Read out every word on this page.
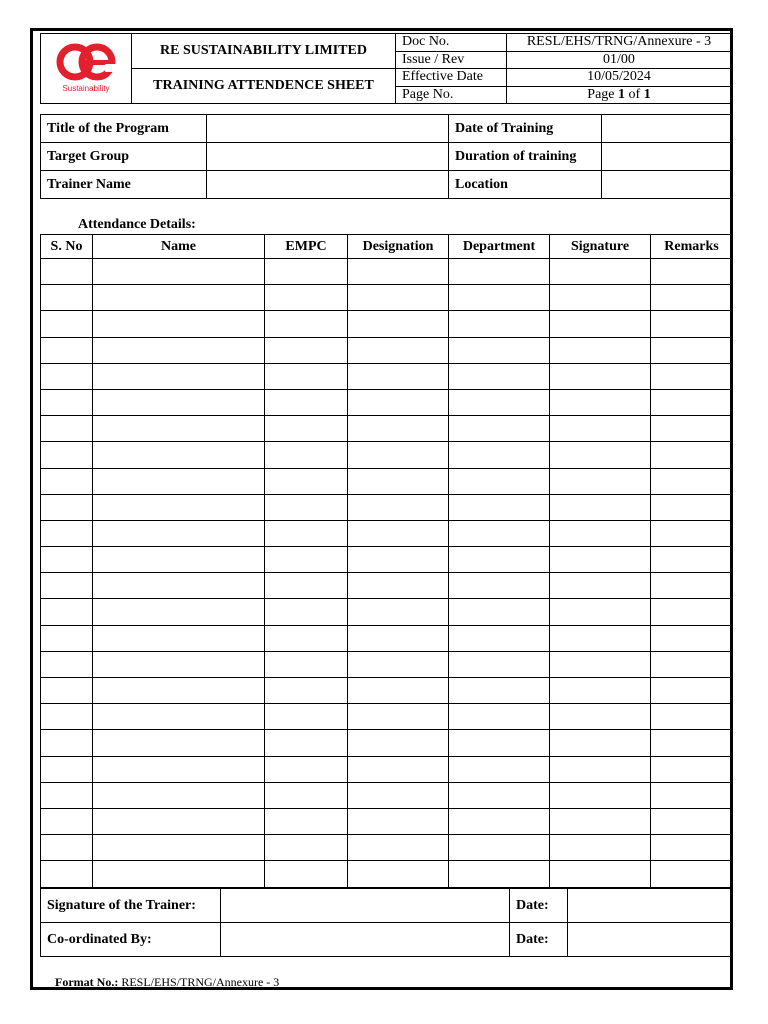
Sustainability	RE SUSTAINABILITY LIMITED	Doc No.	RESL/EHS/TRNG/Annexure - 3
		Issue / Rev	01/00
	TRAINING ATTENDENCE SHEET	Effective Date	10/05/2024
		Page No.	Page 1 of 1
Title of the Program		Date of Training	
Target Group		Duration of training	
Trainer Name		Location	
Attendance Details:
S. No	Name	EMPC	Designation	Department	Signature	Remarks

Signature of the Trainer:		Date:	
Co-ordinated By:		Date:	
Format No.: RESL/EHS/TRNG/Annexure - 3
